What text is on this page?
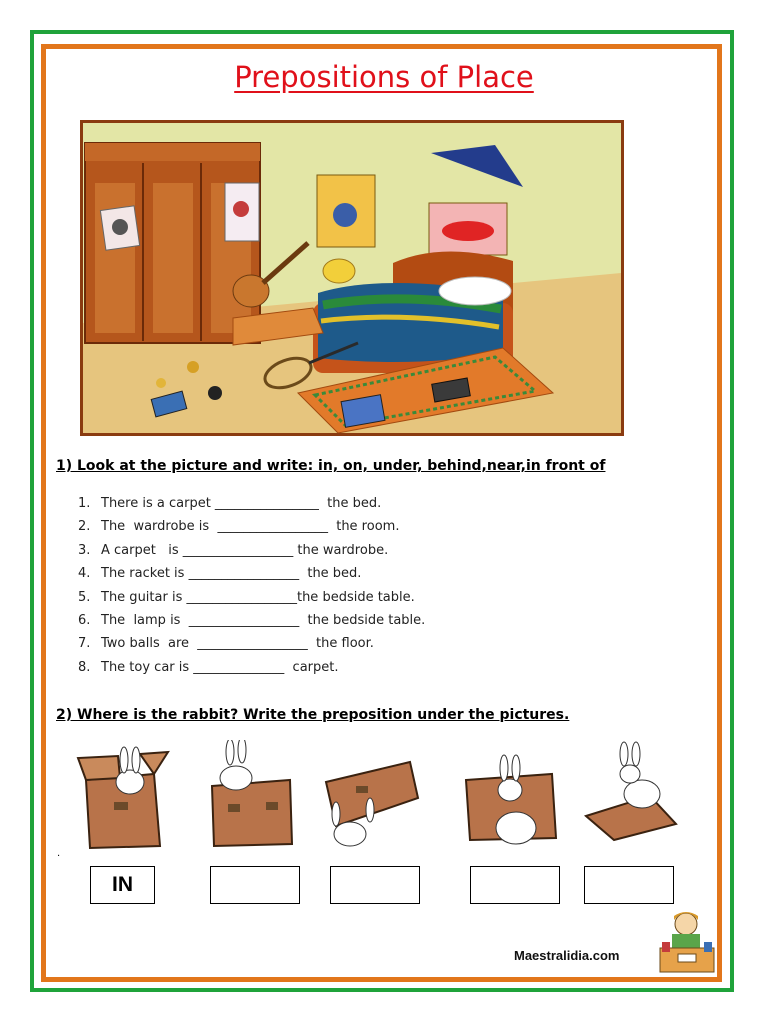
Prepositions of Place
1) Look at the picture and write: in, on, under, behind,near,in front of
1. There is a carpet ________________  the bed.
2. The  wardrobe is  _________________  the room.
3. A carpet   is _________________ the wardrobe.
4. The racket is _________________  the bed.
5. The guitar is _________________the bedside table.
6. The  lamp is  _________________  the bedside table.
7. Two balls  are  _________________  the floor.
8. The toy car is ______________  carpet.
2) Where is the rabbit? Write the preposition under the pictures.
.
IN
Maestralidia.com
